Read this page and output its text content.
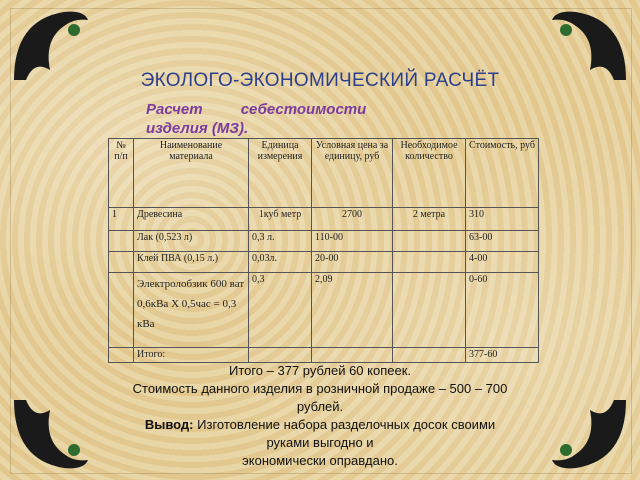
ЭКОЛОГО-ЭКОНОМИЧЕСКИЙ РАСЧЁТ
Расчет себестоимости
изделия (МЗ).
№ п/п	Наименование материала	Единица измерения	Условная цена за единицу, руб	Необходимое количество	Стоимость, руб
1	Древесина	1куб метр	2700	2 метра	310
	Лак (0,523 л)	0,3 л.	110-00		63-00
	Клей ПВА (0,15 л.)	0,03л.	20-00		4-00
	Электролобзик 600 ват 0,6кВа X 0,5час = 0,3 кВа	0,3	2,09		0-60
	Итого:				377-60
Итого – 377 рублей 60 копеек.
Стоимость данного изделия в розничной продаже – 500 – 700
рублей.
Вывод: Изготовление набора разделочных досок своими
руками выгодно и
экономически оправдано.
